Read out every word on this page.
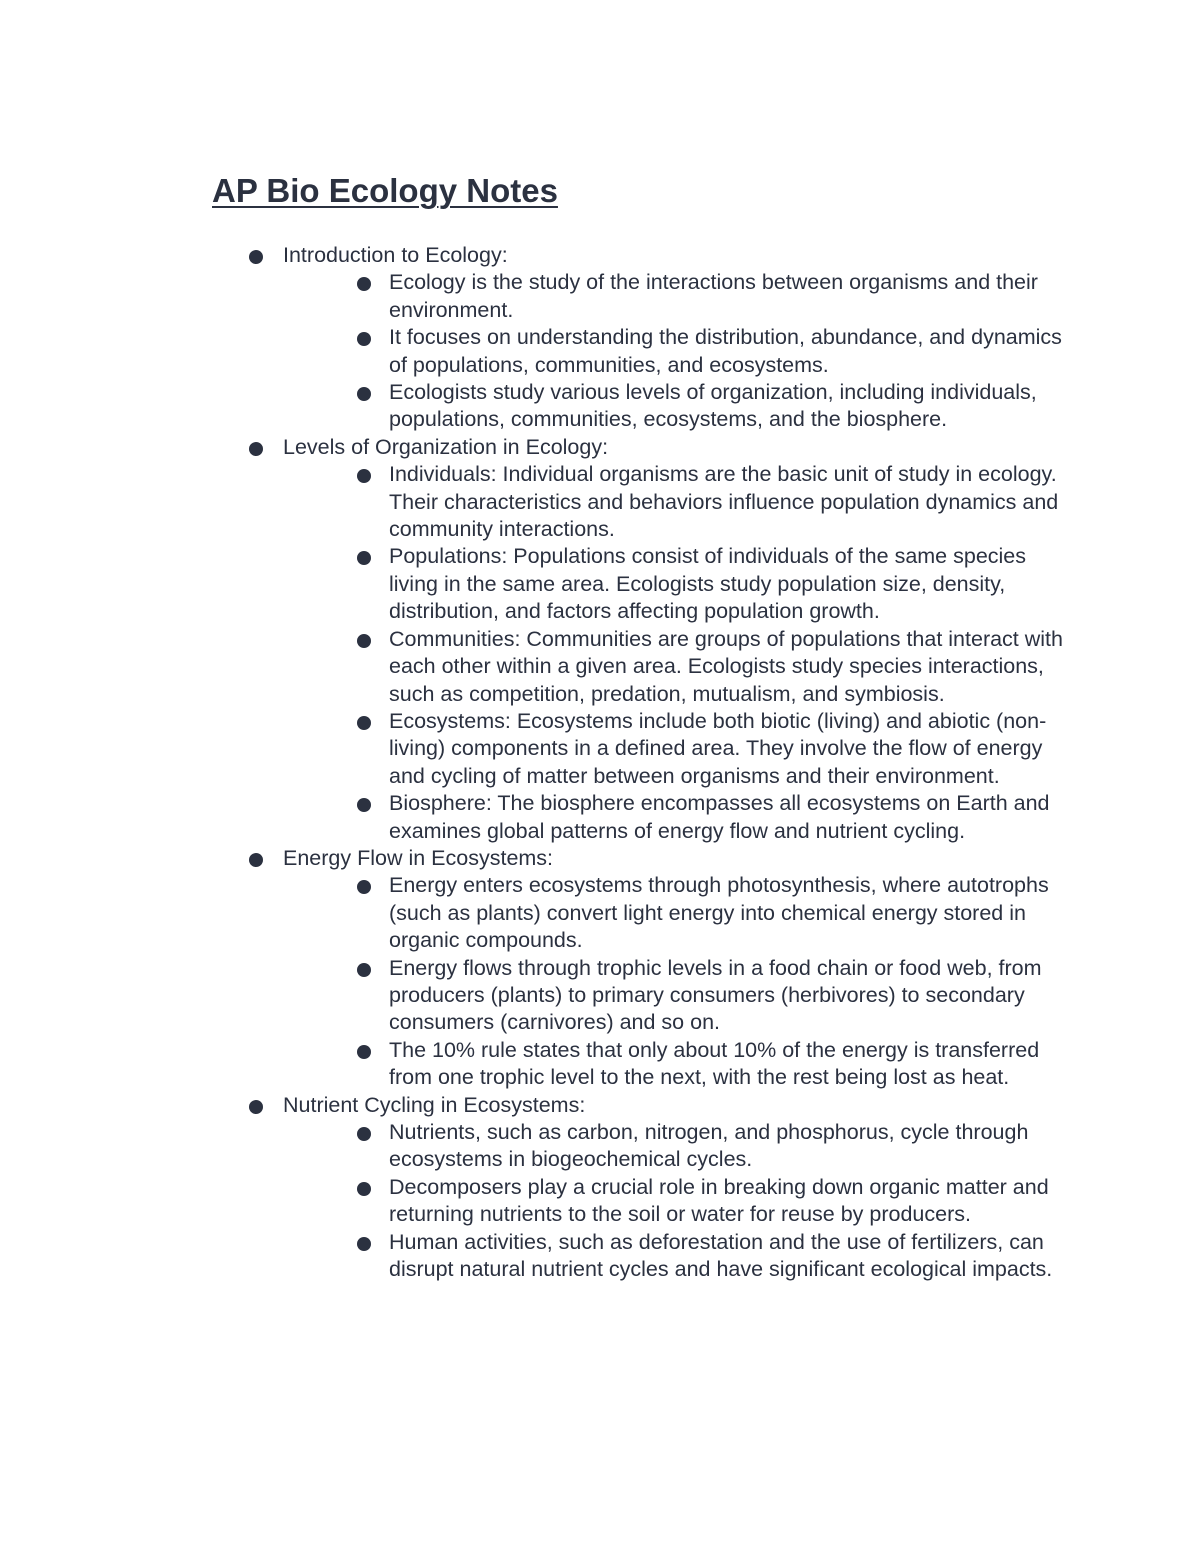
AP Bio Ecology Notes
Introduction to Ecology:
Ecology is the study of the interactions between organisms and their environment.
It focuses on understanding the distribution, abundance, and dynamics of populations, communities, and ecosystems.
Ecologists study various levels of organization, including individuals, populations, communities, ecosystems, and the biosphere.
Levels of Organization in Ecology:
Individuals: Individual organisms are the basic unit of study in ecology. Their characteristics and behaviors influence population dynamics and community interactions.
Populations: Populations consist of individuals of the same species living in the same area. Ecologists study population size, density, distribution, and factors affecting population growth.
Communities: Communities are groups of populations that interact with each other within a given area. Ecologists study species interactions, such as competition, predation, mutualism, and symbiosis.
Ecosystems: Ecosystems include both biotic (living) and abiotic (non-living) components in a defined area. They involve the flow of energy and cycling of matter between organisms and their environment.
Biosphere: The biosphere encompasses all ecosystems on Earth and examines global patterns of energy flow and nutrient cycling.
Energy Flow in Ecosystems:
Energy enters ecosystems through photosynthesis, where autotrophs (such as plants) convert light energy into chemical energy stored in organic compounds.
Energy flows through trophic levels in a food chain or food web, from producers (plants) to primary consumers (herbivores) to secondary consumers (carnivores) and so on.
The 10% rule states that only about 10% of the energy is transferred from one trophic level to the next, with the rest being lost as heat.
Nutrient Cycling in Ecosystems:
Nutrients, such as carbon, nitrogen, and phosphorus, cycle through ecosystems in biogeochemical cycles.
Decomposers play a crucial role in breaking down organic matter and returning nutrients to the soil or water for reuse by producers.
Human activities, such as deforestation and the use of fertilizers, can disrupt natural nutrient cycles and have significant ecological impacts.
